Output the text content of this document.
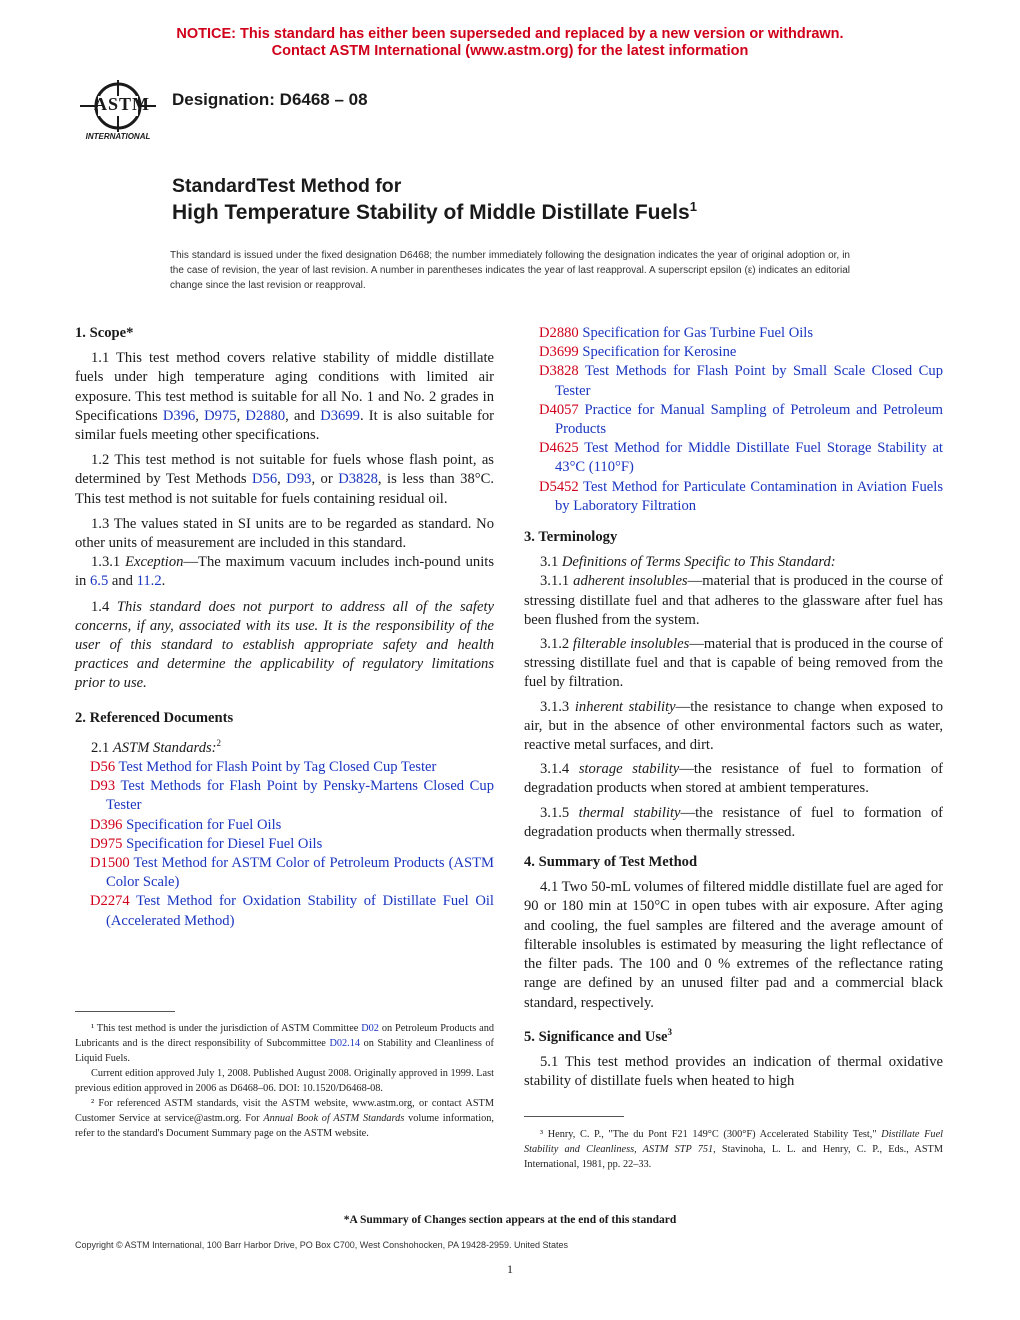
NOTICE: This standard has either been superseded and replaced by a new version or withdrawn.
Contact ASTM International (www.astm.org) for the latest information
ASTM
INTERNATIONAL
Designation: D6468 – 08
StandardTest Method for
High Temperature Stability of Middle Distillate Fuels$^1$
This standard is issued under the fixed designation D6468; the number immediately following the designation indicates the year of original adoption or, in the case of revision, the year of last revision. A number in parentheses indicates the year of last reapproval. A superscript epsilon (ε) indicates an editorial change since the last revision or reapproval.

1. Scope*

1.1 This test method covers relative stability of middle distillate fuels under high temperature aging conditions with limited air exposure. This test method is suitable for all No. 1 and No. 2 grades in Specifications D396, D975, D2880, and D3699. It is also suitable for similar fuels meeting other specifications.

1.2 This test method is not suitable for fuels whose flash point, as determined by Test Methods D56, D93, or D3828, is less than 38°C. This test method is not suitable for fuels containing residual oil.

1.3 The values stated in SI units are to be regarded as standard. No other units of measurement are included in this standard.

1.3.1 Exception—The maximum vacuum includes inch-pound units in 6.5 and 11.2.

1.4 This standard does not purport to address all of the safety concerns, if any, associated with its use. It is the responsibility of the user of this standard to establish appropriate safety and health practices and determine the applicability of regulatory limitations prior to use.

2. Referenced Documents

2.1 ASTM Standards:$^2$

D56 Test Method for Flash Point by Tag Closed Cup Tester

D93 Test Methods for Flash Point by Pensky-Martens Closed Cup Tester

D396 Specification for Fuel Oils

D975 Specification for Diesel Fuel Oils

D1500 Test Method for ASTM Color of Petroleum Products (ASTM Color Scale)

D2274 Test Method for Oxidation Stability of Distillate Fuel Oil (Accelerated Method)

¹ This test method is under the jurisdiction of ASTM Committee D02 on Petroleum Products and Lubricants and is the direct responsibility of Subcommittee D02.14 on Stability and Cleanliness of Liquid Fuels.

Current edition approved July 1, 2008. Published August 2008. Originally approved in 1999. Last previous edition approved in 2006 as D6468–06. DOI: 10.1520/D6468-08.

² For referenced ASTM standards, visit the ASTM website, www.astm.org, or contact ASTM Customer Service at service@astm.org. For Annual Book of ASTM Standards volume information, refer to the standard's Document Summary page on the ASTM website.

D2880 Specification for Gas Turbine Fuel Oils

D3699 Specification for Kerosine

D3828 Test Methods for Flash Point by Small Scale Closed Cup Tester

D4057 Practice for Manual Sampling of Petroleum and Petroleum Products

D4625 Test Method for Middle Distillate Fuel Storage Stability at 43°C (110°F)

D5452 Test Method for Particulate Contamination in Aviation Fuels by Laboratory Filtration

3. Terminology

3.1 Definitions of Terms Specific to This Standard:

3.1.1 adherent insolubles—material that is produced in the course of stressing distillate fuel and that adheres to the glassware after fuel has been flushed from the system.

3.1.2 filterable insolubles—material that is produced in the course of stressing distillate fuel and that is capable of being removed from the fuel by filtration.

3.1.3 inherent stability—the resistance to change when exposed to air, but in the absence of other environmental factors such as water, reactive metal surfaces, and dirt.

3.1.4 storage stability—the resistance of fuel to formation of degradation products when stored at ambient temperatures.

3.1.5 thermal stability—the resistance of fuel to formation of degradation products when thermally stressed.

4. Summary of Test Method

4.1 Two 50-mL volumes of filtered middle distillate fuel are aged for 90 or 180 min at 150°C in open tubes with air exposure. After aging and cooling, the fuel samples are filtered and the average amount of filterable insolubles is estimated by measuring the light reflectance of the filter pads. The 100 and 0 % extremes of the reflectance rating range are defined by an unused filter pad and a commercial black standard, respectively.

5. Significance and Use$^3$

5.1 This test method provides an indication of thermal oxidative stability of distillate fuels when heated to high

³ Henry, C. P., "The du Pont F21 149°C (300°F) Accelerated Stability Test," Distillate Fuel Stability and Cleanliness, ASTM STP 751, Stavinoha, L. L. and Henry, C. P., Eds., ASTM International, 1981, pp. 22–33.

*A Summary of Changes section appears at the end of this standard
Copyright © ASTM International, 100 Barr Harbor Drive, PO Box C700, West Conshohocken, PA 19428-2959. United States
1
